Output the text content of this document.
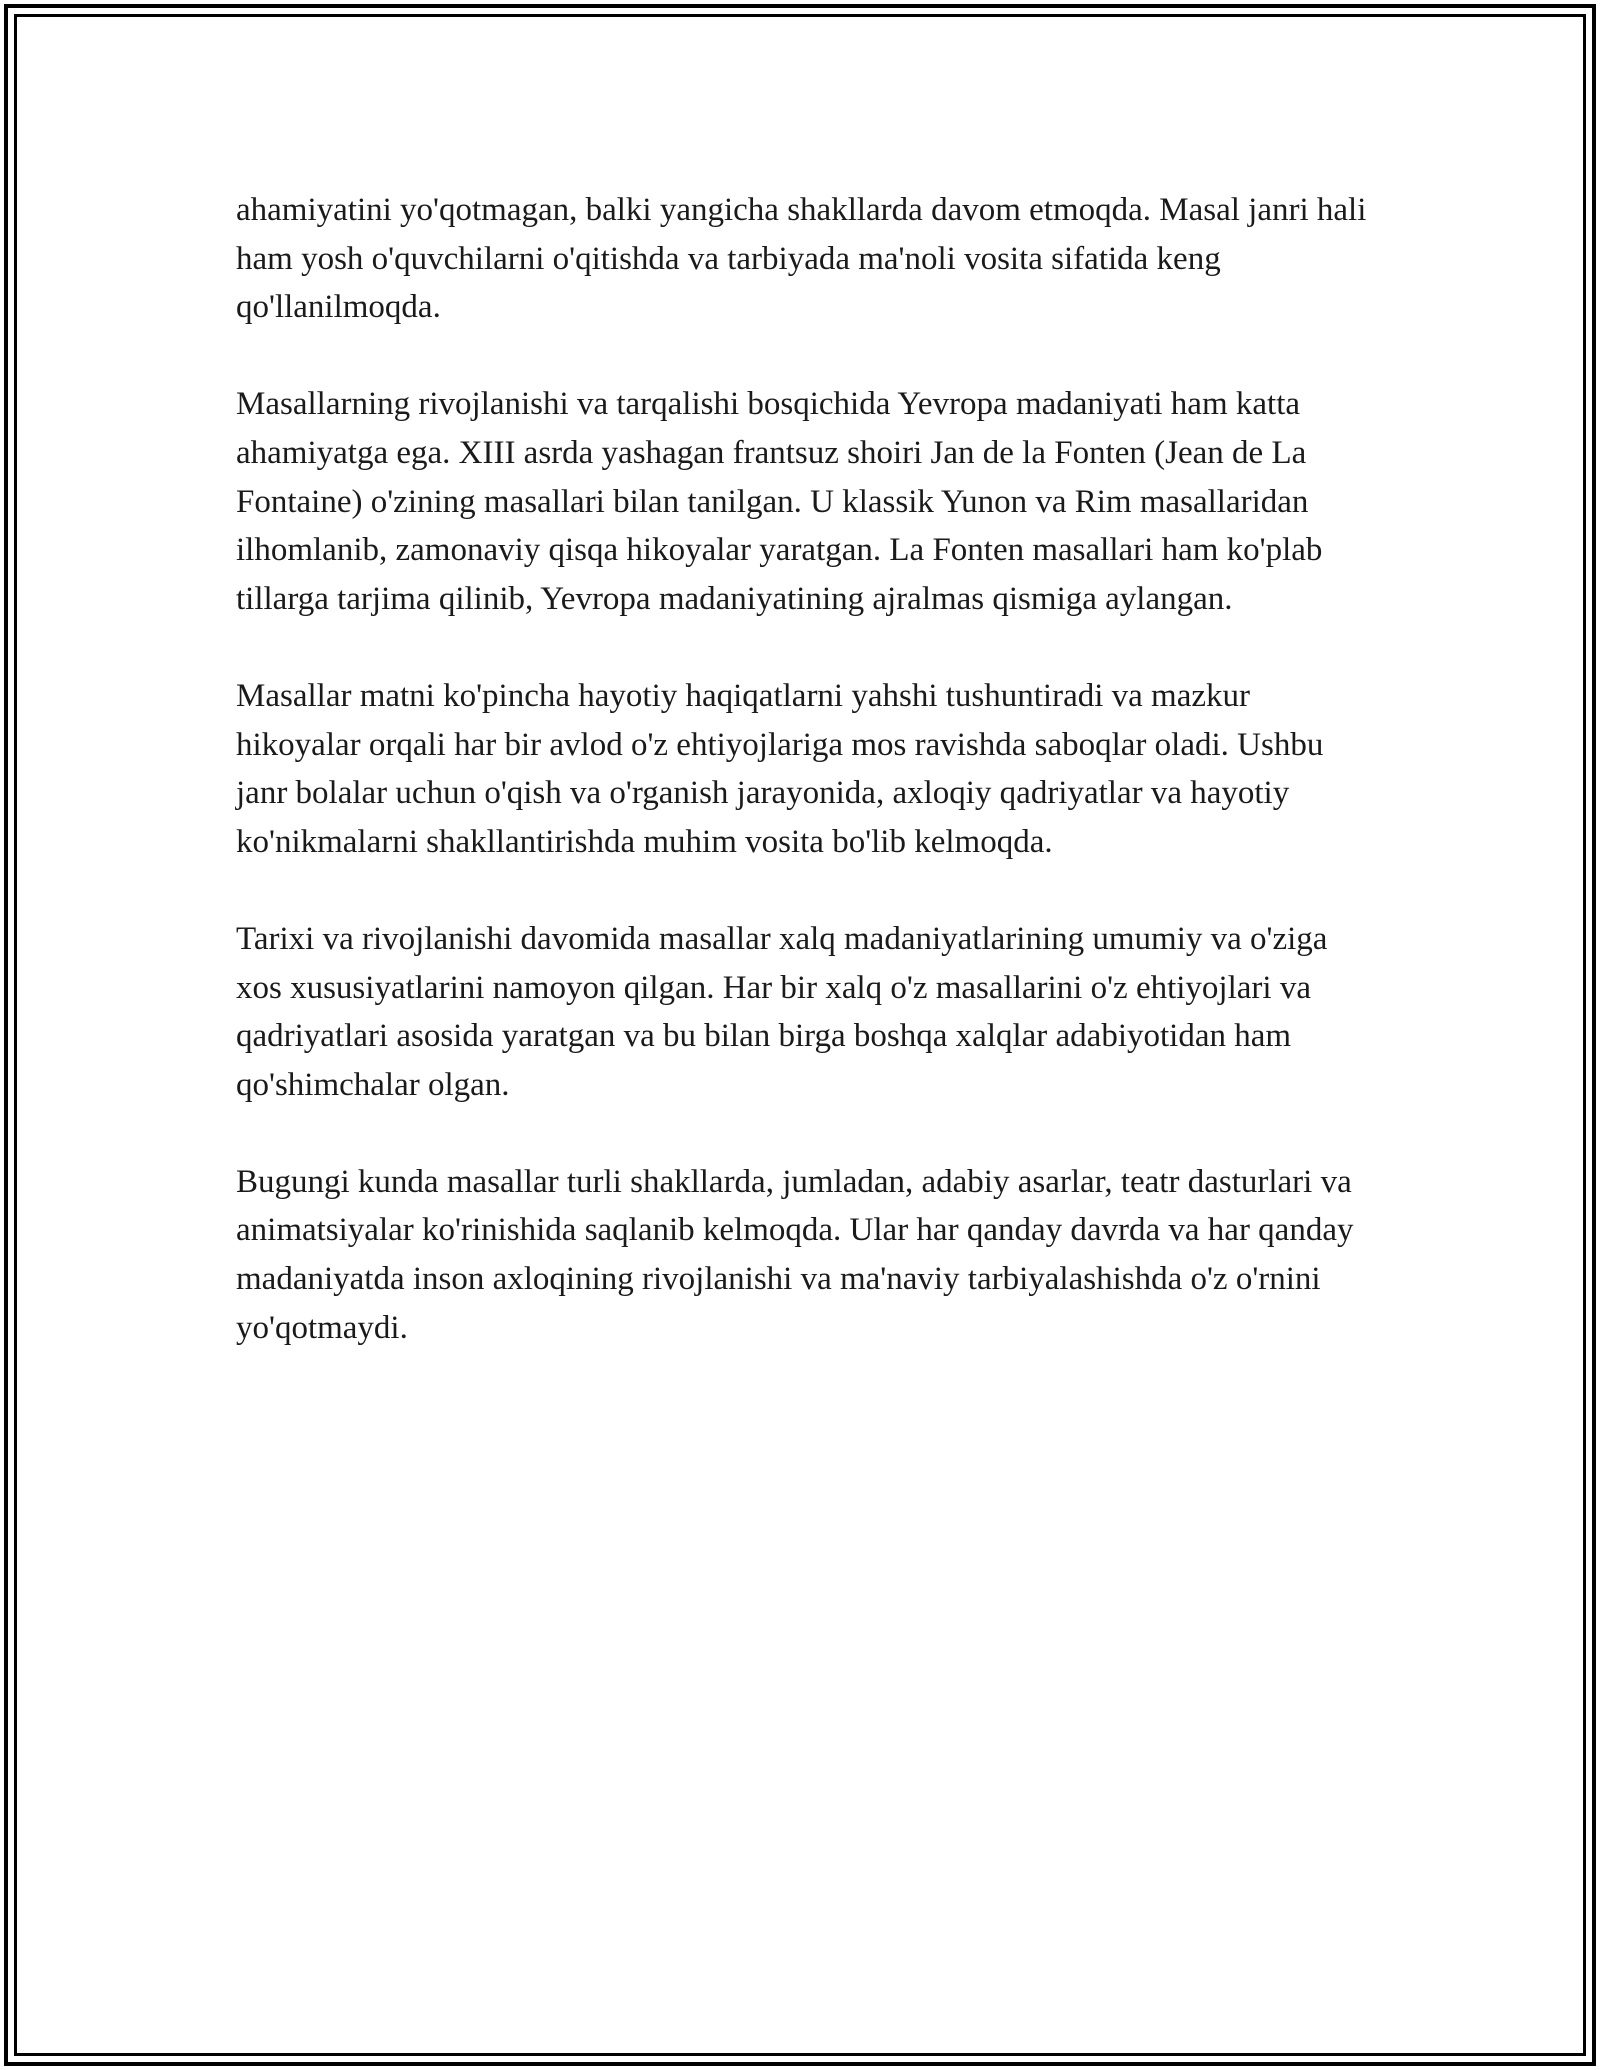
ahamiyatini yo'qotmagan, balki yangicha shakllarda davom etmoqda. Masal janri hali ham yosh o'quvchilarni o'qitishda va tarbiyada ma'noli vosita sifatida keng qo'llanilmoqda.

Masallarning rivojlanishi va tarqalishi bosqichida Yevropa madaniyati ham katta ahamiyatga ega. XIII asrda yashagan frantsuz shoiri Jan de la Fonten (Jean de La Fontaine) o'zining masallari bilan tanilgan. U klassik Yunon va Rim masallaridan ilhomlanib, zamonaviy qisqa hikoyalar yaratgan. La Fonten masallari ham ko'plab tillarga tarjima qilinib, Yevropa madaniyatining ajralmas qismiga aylangan.

Masallar matni ko'pincha hayotiy haqiqatlarni yahshi tushuntiradi va mazkur hikoyalar orqali har bir avlod o'z ehtiyojlariga mos ravishda saboqlar oladi. Ushbu janr bolalar uchun o'qish va o'rganish jarayonida, axloqiy qadriyatlar va hayotiy ko'nikmalarni shakllantirishda muhim vosita bo'lib kelmoqda.

Tarixi va rivojlanishi davomida masallar xalq madaniyatlarining umumiy va o'ziga xos xususiyatlarini namoyon qilgan. Har bir xalq o'z masallarini o'z ehtiyojlari va qadriyatlari asosida yaratgan va bu bilan birga boshqa xalqlar adabiyotidan ham qo'shimchalar olgan.

Bugungi kunda masallar turli shakllarda, jumladan, adabiy asarlar, teatr dasturlari va animatsiyalar ko'rinishida saqlanib kelmoqda. Ular har qanday davrda va har qanday madaniyatda inson axloqining rivojlanishi va ma'naviy tarbiyalashishda o'z o'rnini yo'qotmaydi.
